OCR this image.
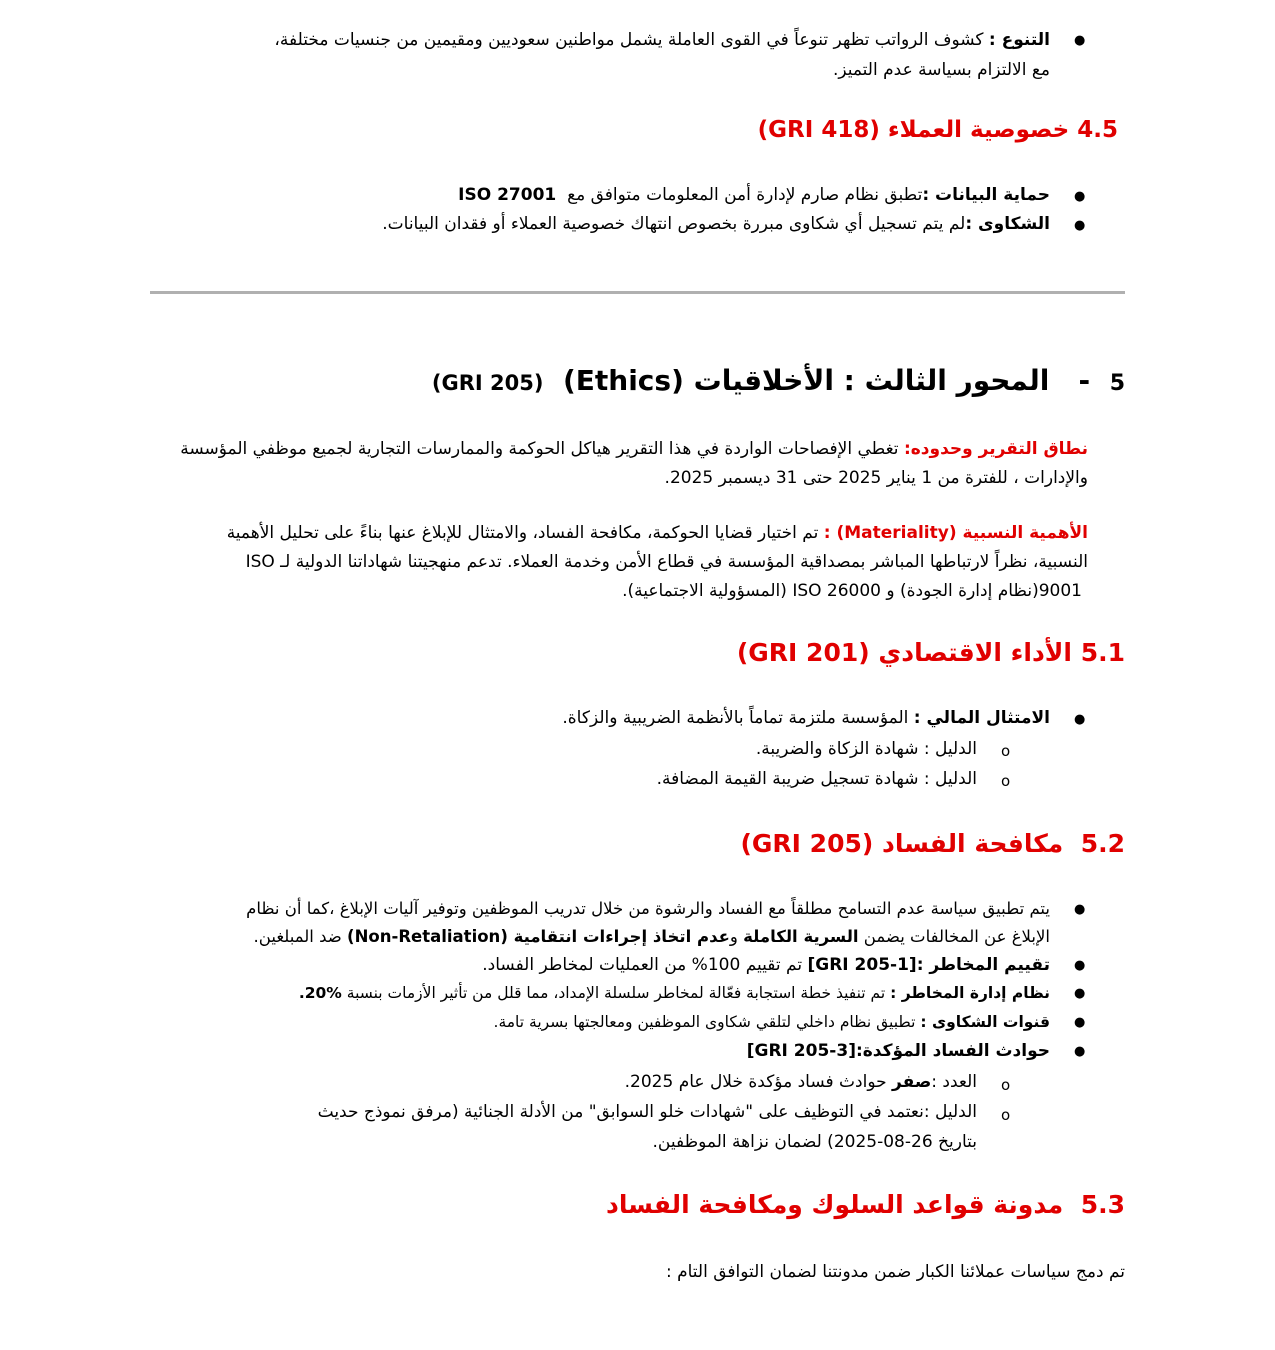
●
التنوع : كشوف الرواتب تظهر تنوعاً في القوى العاملة يشمل مواطنين سعوديين ومقيمين من جنسيات مختلفة،
مع الالتزام بسياسة عدم التميز.
4.5 خصوصية العملاء (GRI 418)
●
حماية البيانات :تطبق نظام صارم لإدارة أمن المعلومات متوافق مع  ISO 27001
●
الشكاوى :لم يتم تسجيل أي شكاوى مبررة بخصوص انتهاك خصوصية العملاء أو فقدان البيانات.
5  -   المحور الثالث : الأخلاقيات (Ethics)  (GRI 205)
نطاق التقرير وحدوده: تغطي الإفصاحات الواردة في هذا التقرير هياكل الحوكمة والممارسات التجارية لجميع موظفي المؤسسة
والإدارات ، للفترة من 1 يناير 2025 حتى 31 ديسمبر 2025.
الأهمية النسبية (Materiality) : تم اختيار قضايا الحوكمة، مكافحة الفساد، والامتثال للإبلاغ عنها بناءً على تحليل الأهمية
النسبية، نظراً لارتباطها المباشر بمصداقية المؤسسة في قطاع الأمن وخدمة العملاء. تدعم منهجيتنا شهاداتنا الدولية لـ ISO
9001(نظام إدارة الجودة) و ISO 26000 (المسؤولية الاجتماعية).
5.1 الأداء الاقتصادي (GRI 201)
●
الامتثال المالي : المؤسسة ملتزمة تماماً بالأنظمة الضريبية والزكاة.
o
الدليل : شهادة الزكاة والضريبة.
o
الدليل : شهادة تسجيل ضريبة القيمة المضافة.
5.2  مكافحة الفساد (GRI 205)
●
يتم تطبيق سياسة عدم التسامح مطلقاً مع الفساد والرشوة من خلال تدريب الموظفين وتوفير آليات الإبلاغ ،كما أن نظام
الإبلاغ عن المخالفات يضمن السرية الكاملة وعدم اتخاذ إجراءات انتقامية (Non-Retaliation) ضد المبلغين.
●
تقييم المخاطر :[GRI 205-1] تم تقييم 100% من العمليات لمخاطر الفساد.
●
نظام إدارة المخاطر : تم تنفيذ خطة استجابة فعّالة لمخاطر سلسلة الإمداد، مما قلل من تأثير الأزمات بنسبة .20%
●
قنوات الشكاوى : تطبيق نظام داخلي لتلقي شكاوى الموظفين ومعالجتها بسرية تامة.
●
حوادث الفساد المؤكدة:[GRI 205-3]
o
العدد :صفر حوادث فساد مؤكدة خلال عام 2025.
o
الدليل :نعتمد في التوظيف على "شهادات خلو السوابق" من الأدلة الجنائية (مرفق نموذج حديث
بتاريخ 26-08-2025) لضمان نزاهة الموظفين.
5.3  مدونة قواعد السلوك ومكافحة الفساد
تم دمج سياسات عملائنا الكبار ضمن مدونتنا لضمان التوافق التام :
